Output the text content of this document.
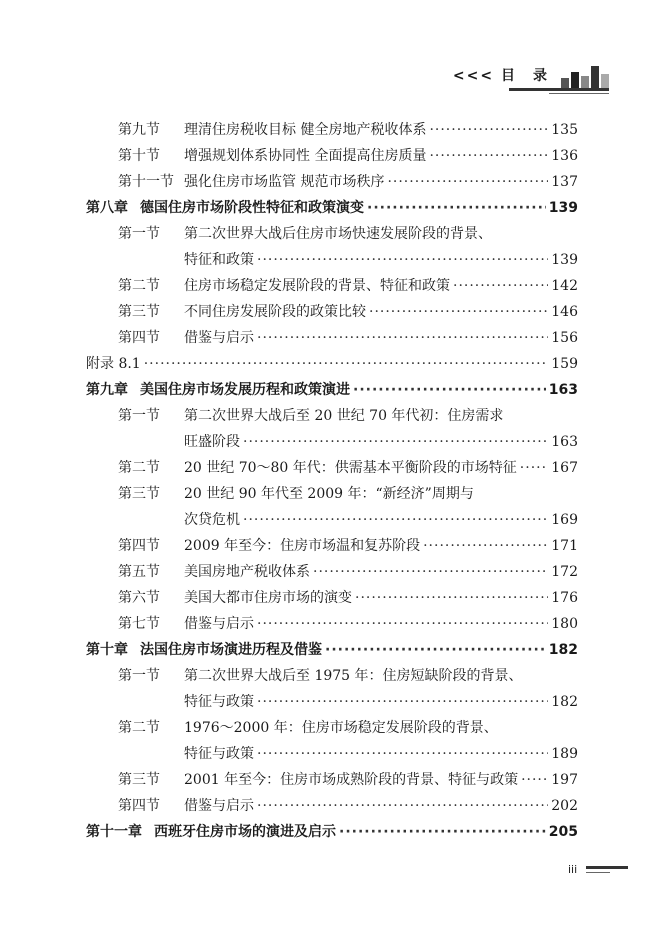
<<< 目　录
第九节	理清住房税收目标 健全房地产税收体系 ·····	135
第十节	增强规划体系协同性 全面提高住房质量 ·····	136
第十一节 强化住房市场监管 规范市场秩序 ·····	137
第八章 德国住房市场阶段性特征和政策演变 ·····	139
第一节	第二次世界大战后住房市场快速发展阶段的背景、
特征和政策 ·····	139
第二节	住房市场稳定发展阶段的背景、特征和政策 ·····	142
第三节	不同住房发展阶段的政策比较 ·····	146
第四节	借鉴与启示 ·····	156
附录 8.1 ·····	159
第九章 美国住房市场发展历程和政策演进 ·····	163
第一节	第二次世界大战后至 20 世纪 70 年代初：住房需求
旺盛阶段 ·····	163
第二节	20 世纪 70～80 年代：供需基本平衡阶段的市场特征 ····· 167
第三节	20 世纪 90 年代至 2009 年：“新经济”周期与
次贷危机 ·····	169
第四节	2009 年至今：住房市场温和复苏阶段 ·····	171
第五节	美国房地产税收体系 ·····	172
第六节	美国大都市住房市场的演变 ·····	176
第七节	借鉴与启示 ·····	180
第十章 法国住房市场演进历程及借鉴 ·····	182
第一节	第二次世界大战后至 1975 年：住房短缺阶段的背景、
特征与政策 ·····	182
第二节	1976～2000 年：住房市场稳定发展阶段的背景、
特征与政策 ·····	189
第三节	2001 年至今：住房市场成熟阶段的背景、特征与政策 ····· 197
第四节	借鉴与启示 ·····	202
第十一章 西班牙住房市场的演进及启示 ·····	205
iii
